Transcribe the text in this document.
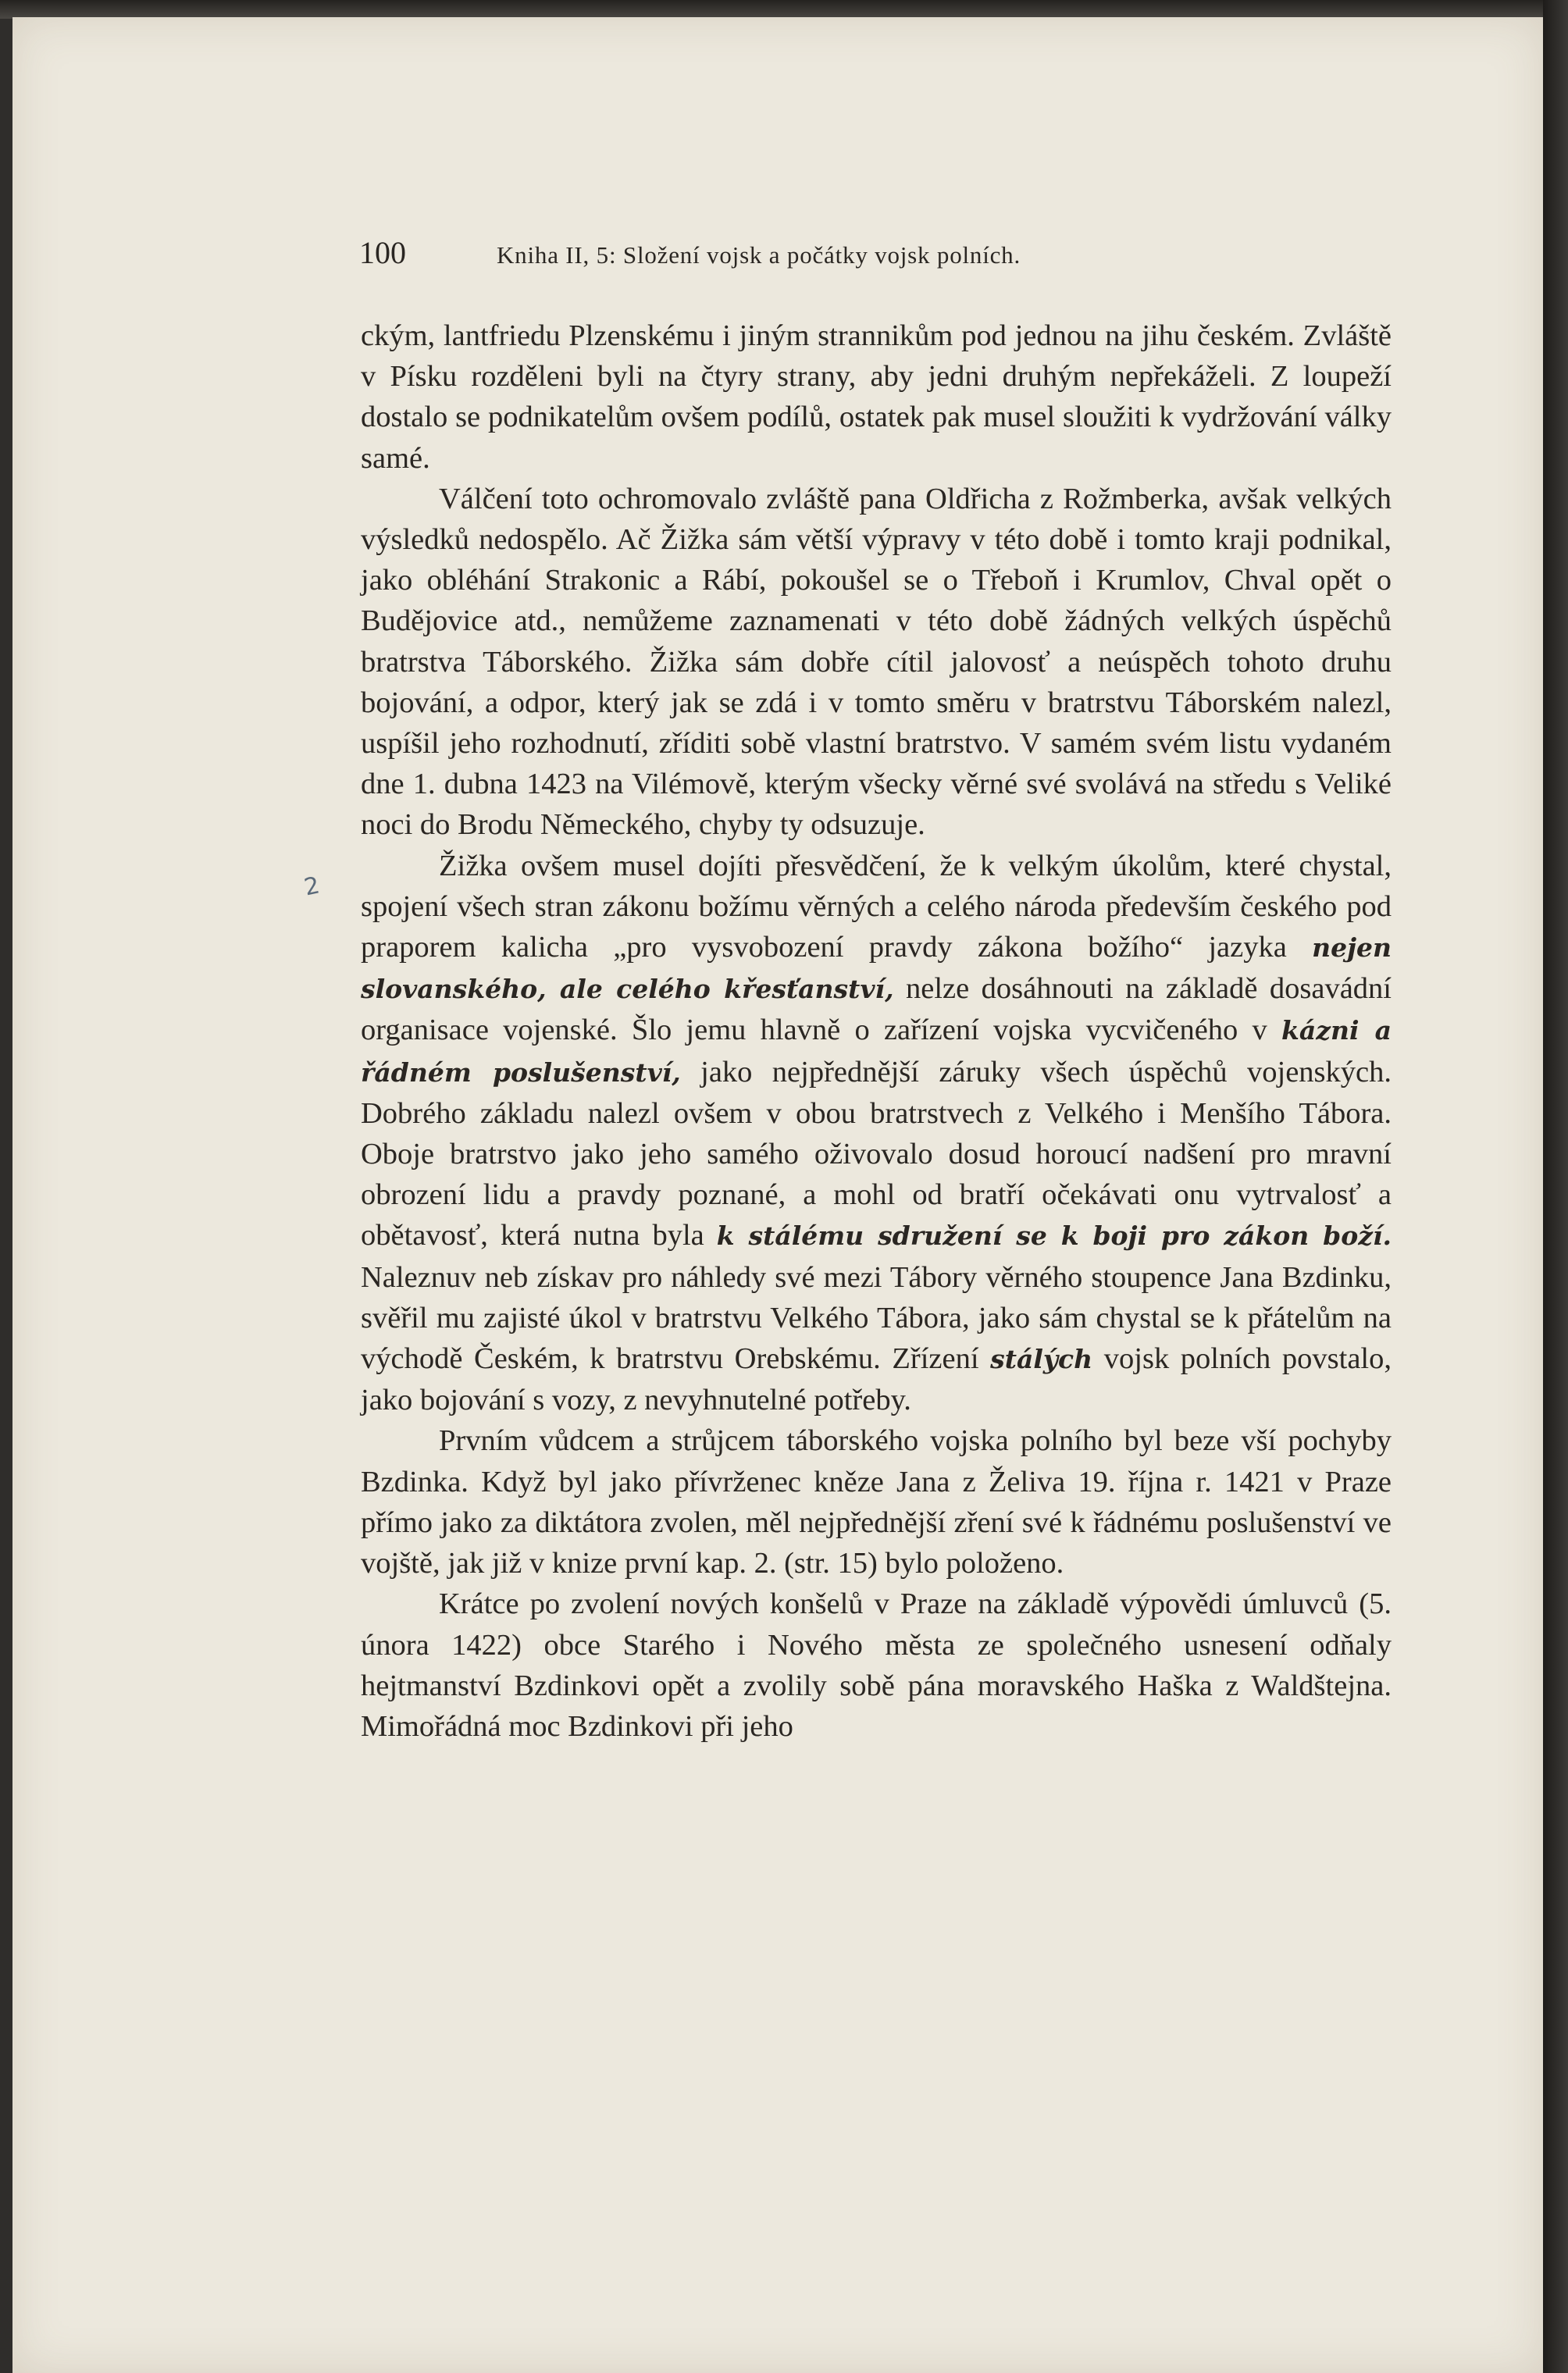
100	Kniha II, 5: Složení vojsk a počátky vojsk polních.

ckým, lantfriedu Plzenskému i jiným strannikům pod jednou na jihu českém. Zvláště v Písku rozděleni byli na čtyry strany, aby jedni druhým nepřekáželi. Z loupeží dostalo se podnikatelům ovšem podílů, ostatek pak musel sloužiti k vydržování války samé.

Válčení toto ochromovalo zvláště pana Oldřicha z Rožmberka, avšak velkých výsledků nedospělo. Ač Žižka sám větší výpravy v této době i tomto kraji podnikal, jako obléhání Strakonic a Rábí, pokoušel se o Třeboň i Krumlov, Chval opět o Budějovice atd., nemůžeme zaznamenati v této době žádných velkých úspěchů bratrstva Táborského. Žižka sám dobře cítil jalovosť a neúspěch tohoto druhu bojování, a odpor, který jak se zdá i v tomto směru v bratrstvu Táborském nalezl, uspíšil jeho rozhodnutí, zříditi sobě vlastní bratrstvo. V samém svém listu vydaném dne 1. dubna 1423 na Vilémově, kterým všecky věrné své svolává na středu s Veliké noci do Brodu Německého, chyby ty odsuzuje.

Žižka ovšem musel dojíti přesvědčení, že k velkým úkolům, které chystal, spojení všech stran zákonu božímu věrných a celého národa především českého pod praporem kalicha „pro vysvobození pravdy zákona božího“ jazyka nejen slovanského, ale celého křesťanství, nelze dosáhnouti na základě dosavádní organisace vojenské. Šlo jemu hlavně o zařízení vojska vycvičeného v kázni a řádném poslušenství, jako nejpřednější záruky všech úspěchů vojenských. Dobrého základu nalezl ovšem v obou bratrstvech z Velkého i Menšího Tábora. Oboje bratrstvo jako jeho samého oživovalo dosud horoucí nadšení pro mravní obrození lidu a pravdy poznané, a mohl od bratří očekávati onu vytrvalosť a obětavosť, která nutna byla k stálému sdružení se k boji pro zákon boží. Naleznuv neb získav pro náhledy své mezi Tábory věrného stoupence Jana Bzdinku, svěřil mu zajisté úkol v bratrstvu Velkého Tábora, jako sám chystal se k přátelům na východě Českém, k bratrstvu Orebskému. Zřízení stálých vojsk polních povstalo, jako bojování s vozy, z nevyhnutelné potřeby.

Prvním vůdcem a strůjcem táborského vojska polního byl beze vší pochyby Bzdinka. Když byl jako přívrženec kněze Jana z Želiva 19. října r. 1421 v Praze přímo jako za diktátora zvolen, měl nejpřednější zření své k řádnému poslušenství ve vojště, jak již v knize první kap. 2. (str. 15) bylo položeno.

Krátce po zvolení nových konšelů v Praze na základě výpovědi úmluvců (5. února 1422) obce Starého i Nového města ze společného usnesení odňaly hejtmanství Bzdinkovi opět a zvolily sobě pána moravského Haška z Waldštejna. Mimořádná moc Bzdinkovi při jeho

2
